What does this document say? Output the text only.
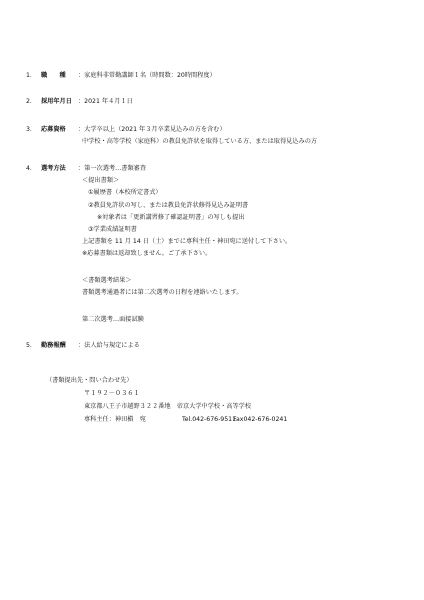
1． 職　　種 ：家庭科非常勤講師１名（時間数：20時間程度）
2． 採用年月日 ：2021 年４月１日
3． 応募資格 ：大学卒以上（2021 年３月卒業見込みの方を含む）
中学校・高等学校（家庭科）の教員免許状を取得している方、または取得見込みの方
4． 選考方法 ：第一次選考…書類審査
＜提出書類＞
①履歴書（本校所定書式）
②教員免許状の写し、または教員免許状修得見込み証明書
※対象者は「更新講習修了確認証明書」の写しも提出
③学業成績証明書
上記書類を 11 月 14 日（土）までに専科主任・神田宛に送付して下さい。
※応募書類は返却致しません。ご了承下さい。
＜書類選考結果＞
書類選考通過者には第二次選考の日程を連絡いたします。
第二次選考…面接試験
5． 勤務報酬 ：法人給与規定による
（書類提出先・問い合わせ先）
〒１９２－０３６１
東京都八王子市越野３２２番地　帝京大学中学校・高等学校
専科主任：神田槇　宛	Tel.042-676-9511
Fax042-676-0241
